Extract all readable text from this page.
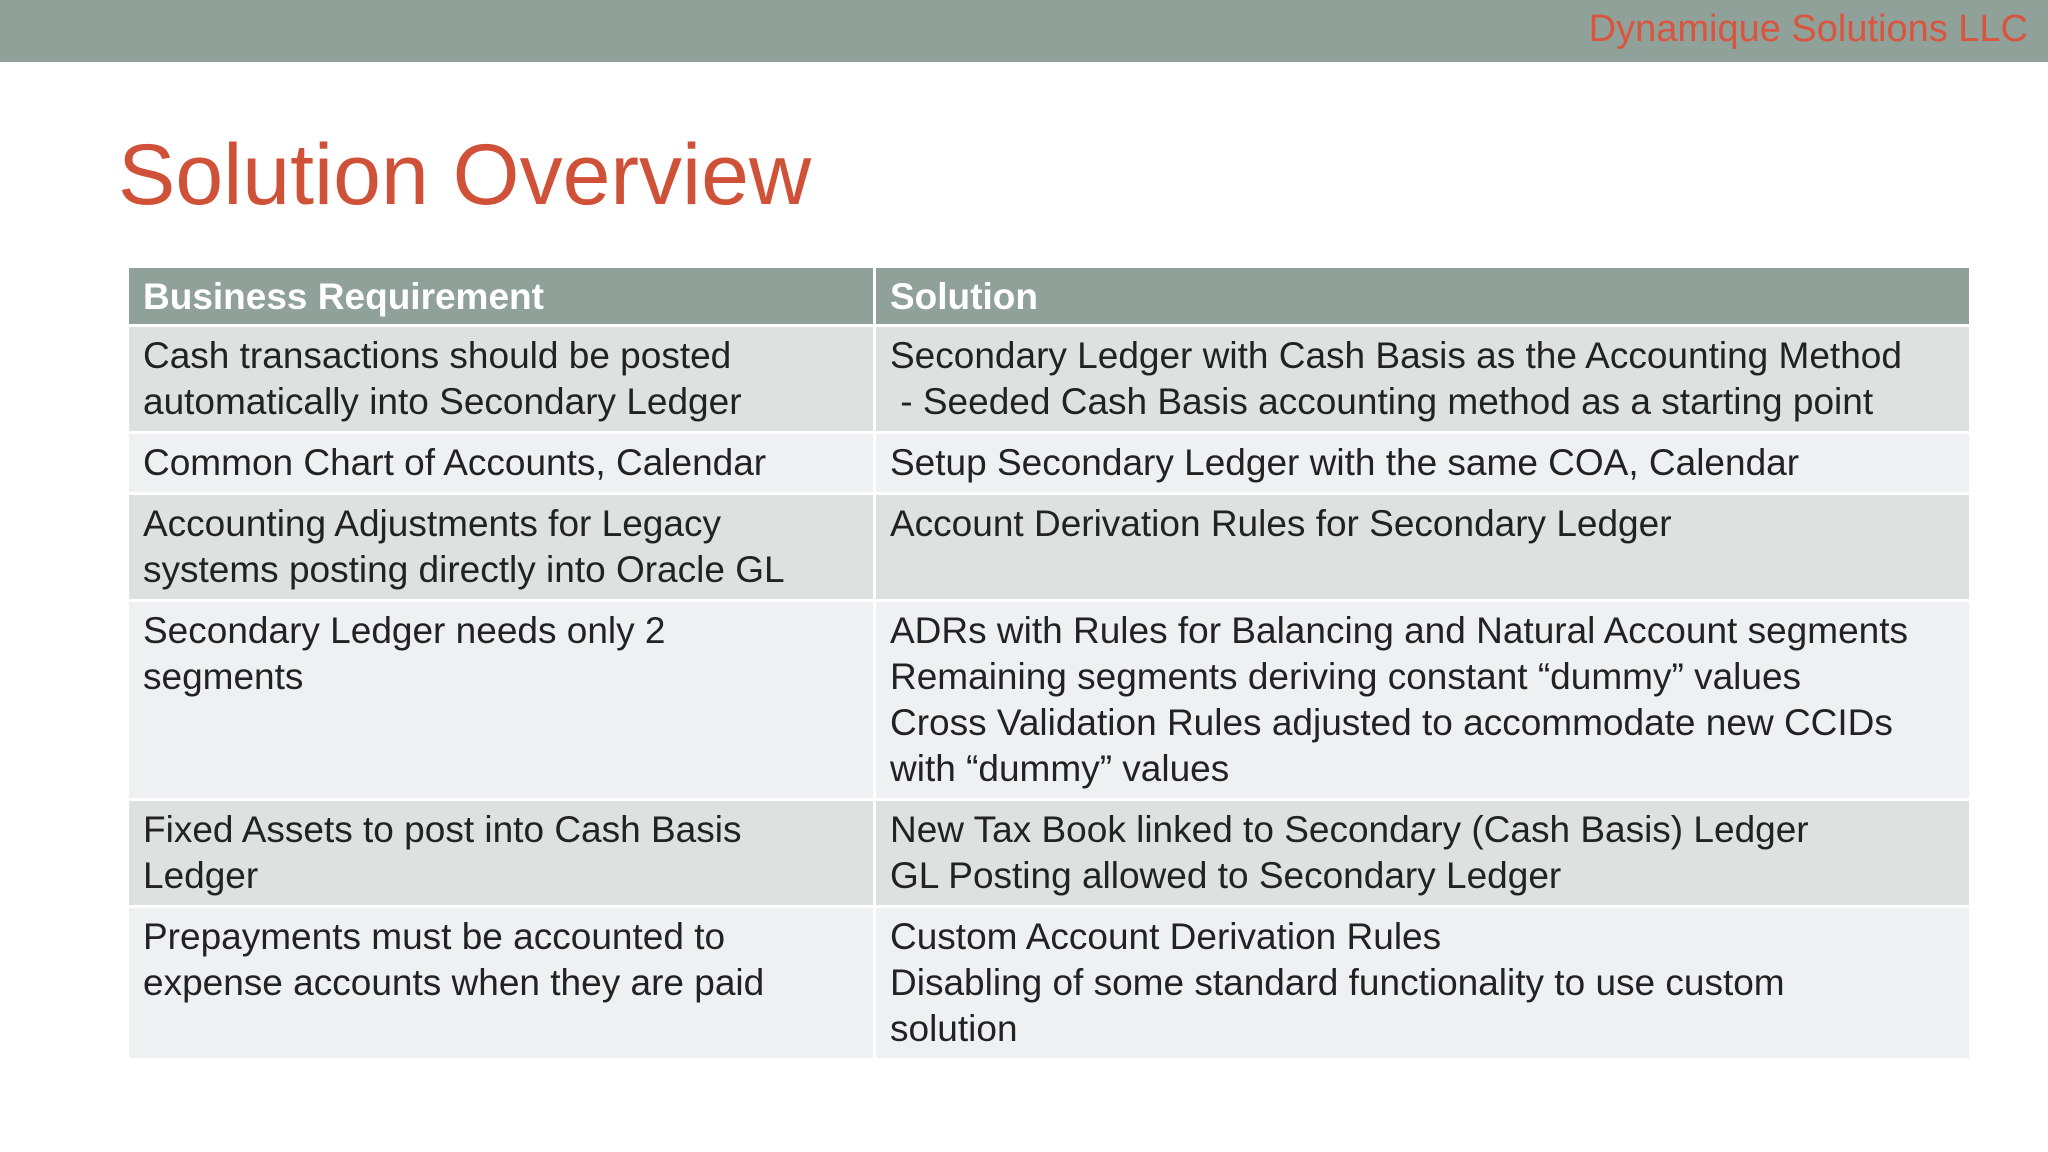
Dynamique Solutions LLC
Solution Overview
Business Requirement	Solution

Cash transactions should be posted
automatically into Secondary Ledger	Secondary Ledger with Cash Basis as the Accounting Method
- Seeded Cash Basis accounting method as a starting point

Common Chart of Accounts, Calendar	Setup Secondary Ledger with the same COA, Calendar

Accounting Adjustments for Legacy
systems posting directly into Oracle GL	Account Derivation Rules for Secondary Ledger

Secondary Ledger needs only 2
segments	ADRs with Rules for Balancing and Natural Account segments
Remaining segments deriving constant “dummy” values
Cross Validation Rules adjusted to accommodate new CCIDs
with “dummy” values

Fixed Assets to post into Cash Basis
Ledger	New Tax Book linked to Secondary (Cash Basis) Ledger
GL Posting allowed to Secondary Ledger

Prepayments must be accounted to
expense accounts when they are paid	Custom Account Derivation Rules
Disabling of some standard functionality to use custom
solution
